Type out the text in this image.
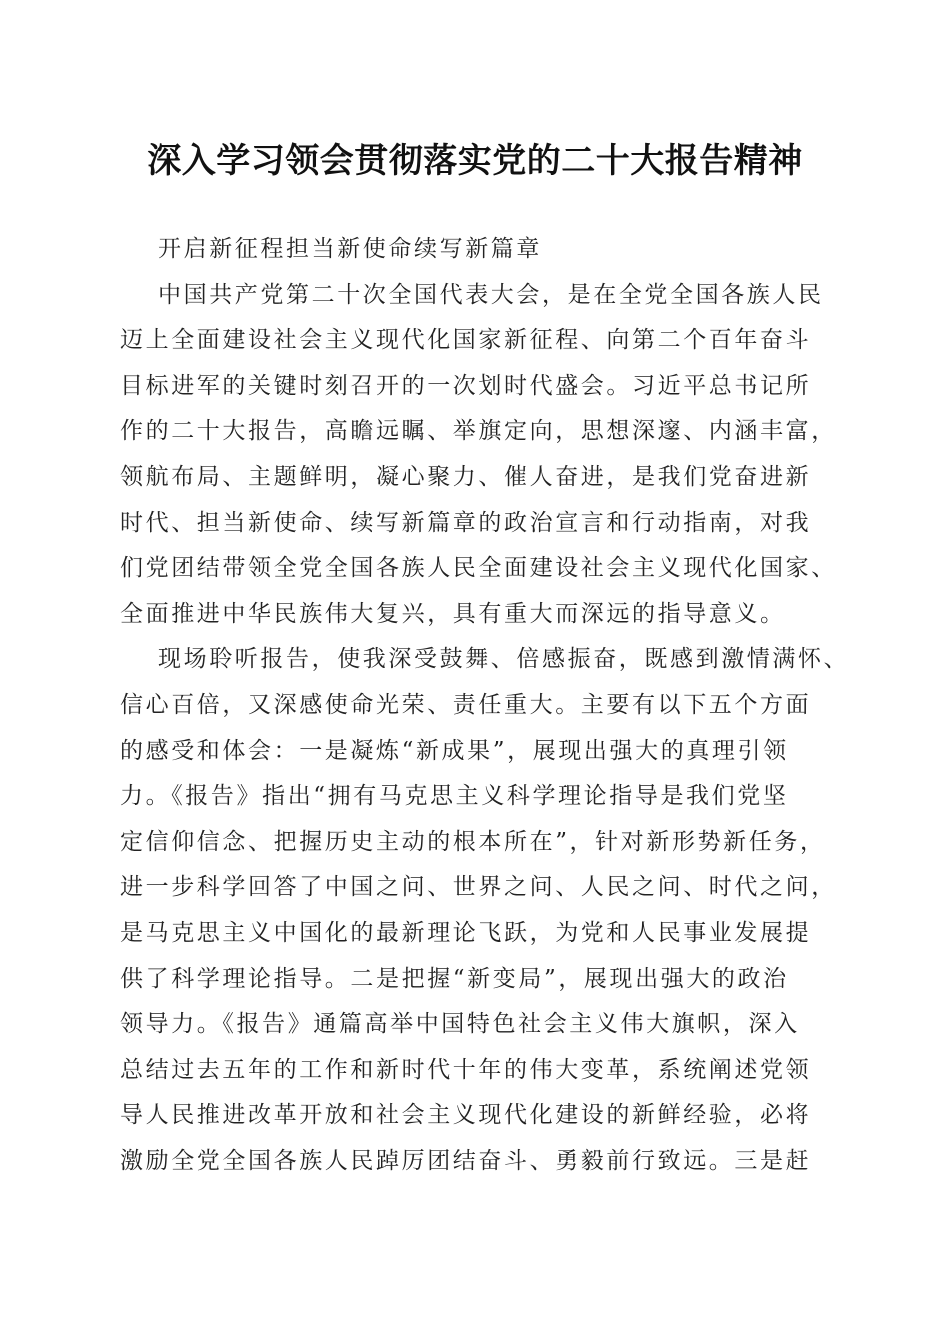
深入学习领会贯彻落实党的二十大报告精神
开启新征程担当新使命续写新篇章
中国共产党第二十次全国代表大会，是在全党全国各族人民
迈上全面建设社会主义现代化国家新征程、向第二个百年奋斗
目标进军的关键时刻召开的一次划时代盛会。习近平总书记所
作的二十大报告，高瞻远瞩、举旗定向，思想深邃、内涵丰富，
领航布局、主题鲜明，凝心聚力、催人奋进，是我们党奋进新
时代、担当新使命、续写新篇章的政治宣言和行动指南，对我
们党团结带领全党全国各族人民全面建设社会主义现代化国家、
全面推进中华民族伟大复兴，具有重大而深远的指导意义。
现场聆听报告，使我深受鼓舞、倍感振奋，既感到激情满怀、
信心百倍，又深感使命光荣、责任重大。主要有以下五个方面
的感受和体会：一是凝炼“新成果”，展现出强大的真理引领
力。《报告》指出“拥有马克思主义科学理论指导是我们党坚
定信仰信念、把握历史主动的根本所在”，针对新形势新任务，
进一步科学回答了中国之问、世界之问、人民之问、时代之问，
是马克思主义中国化的最新理论飞跃，为党和人民事业发展提
供了科学理论指导。二是把握“新变局”，展现出强大的政治
领导力。《报告》通篇高举中国特色社会主义伟大旗帜，深入
总结过去五年的工作和新时代十年的伟大变革，系统阐述党领
导人民推进改革开放和社会主义现代化建设的新鲜经验，必将
激励全党全国各族人民踔厉团结奋斗、勇毅前行致远。三是赶
